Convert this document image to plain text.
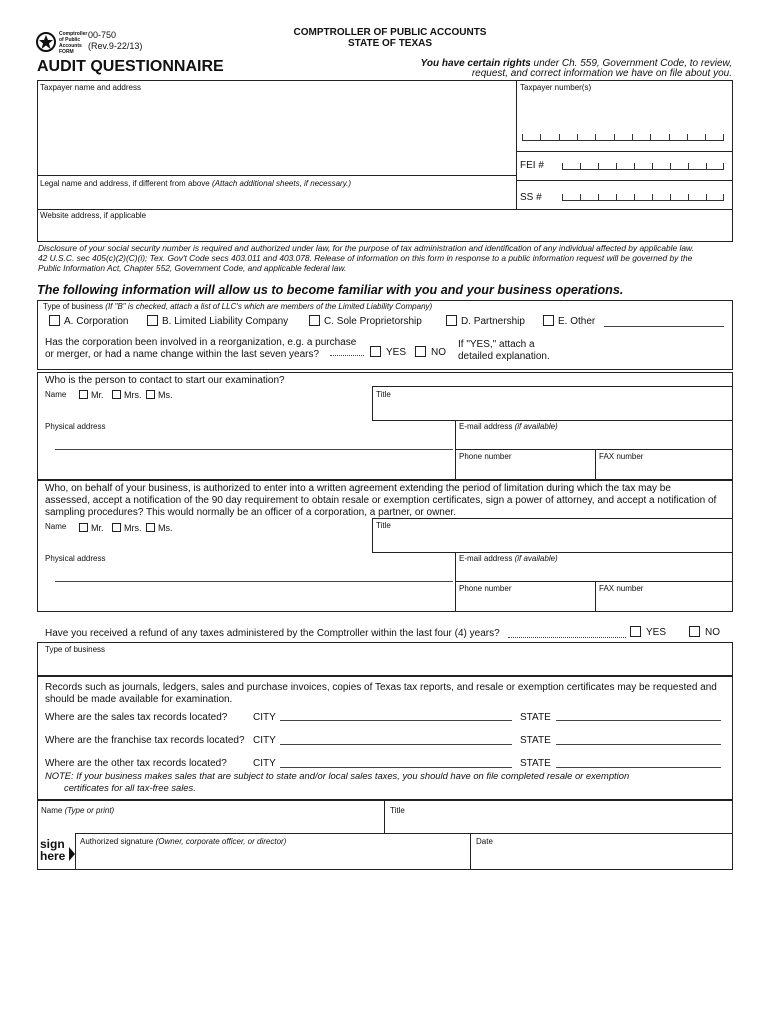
Comptroller
of Public
Accounts
FORM
00-750
(Rev.9-22/13)
COMPTROLLER OF PUBLIC ACCOUNTS
STATE OF TEXAS
AUDIT QUESTIONNAIRE	You have certain rights under Ch. 559, Government Code, to review,
request, and correct information we have on file about you.
Taxpayer name and address	Taxpayer number(s)
FEI #
SS #
Legal name and address, if different from above (Attach additional sheets, if necessary.)
Website address, if applicable
Disclosure of your social security number is required and authorized under law, for the purpose of tax administration and identification of any individual affected by applicable law.
42 U.S.C. sec 405(c)(2)(C)(i); Tex. Gov't Code secs 403.011 and 403.078. Release of information on this form in response to a public information request will be governed by the
Public Information Act, Chapter 552, Government Code, and applicable federal law.
The following information will allow us to become familiar with you and your business operations.
Type of business (If "B" is checked, attach a list of LLC's which are members of the Limited Liability Company)
A. Corporation	B. Limited Liability Company	C. Sole Proprietorship	D. Partnership	E. Other
Has the corporation been involved in a reorganization, e.g. a purchase
or merger, or had a name change within the last seven years?	YES NO
If "YES," attach a
detailed explanation.
Who is the person to contact to start our examination?
Name	Mr. Mrs. Ms.	Title
Physical address	E-mail address (if available)
Phone number	FAX number
Who, on behalf of your business, is authorized to enter into a written agreement extending the period of limitation during which the tax may be
assessed, accept a notification of the 90 day requirement to obtain resale or exemption certificates, sign a power of attorney, and accept a notification of
sampling procedures? This would normally be an officer of a corporation, a partner, or owner.
Name	Mr. Mrs. Ms.	Title
Physical address	E-mail address (if available)
Phone number	FAX number
Have you received a refund of any taxes administered by the Comptroller within the last four (4) years?	YES	NO
Type of business
Records such as journals, ledgers, sales and purchase invoices, copies of Texas tax reports, and resale or exemption certificates may be requested and
should be made available for examination.
Where are the sales tax records located?	CITY	STATE
Where are the franchise tax records located? CITY	STATE
Where are the other tax records located?	CITY	STATE
NOTE: If your business makes sales that are subject to state and/or local sales taxes, you should have on file completed resale or exemption
certificates for all tax-free sales.
Name (Type or print)	Title
sign
here
Authorized signature (Owner, corporate officer, or director)	Date
